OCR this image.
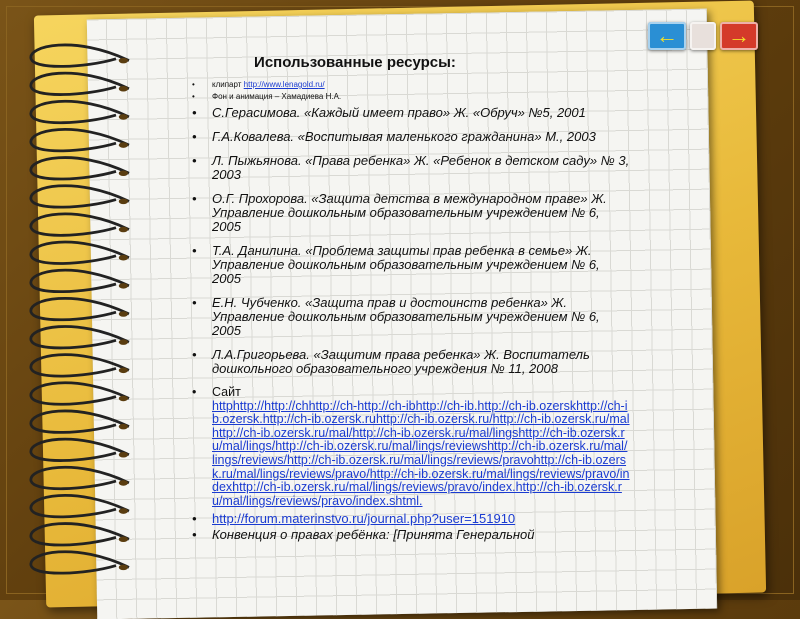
← →
Использованные ресурсы:
• клипарт http://www.lenagold.ru/
• Фон и анимация – Хамадиева Н.А.
• С.Герасимова. «Каждый имеет право» Ж. «Обруч» №5, 2001
• Г.А.Ковалева. «Воспитывая маленького гражданина» М., 2003
• Л. Пыжьянова. «Права ребенка» Ж. «Ребенок в детском саду» № 3, 2003
• О.Г. Прохорова. «Защита детства в международном праве» Ж. Управление дошкольным образовательным учреждением № 6, 2005
• Т.А. Данилина. «Проблема защиты прав ребенка в семье» Ж. Управление дошкольным образовательным учреждением № 6, 2005
• Е.Н. Чубченко. «Защита прав и достоинств ребенка» Ж. Управление дошкольным образовательным учреждением № 6, 2005
• Л.А.Григорьева. «Защитим права ребенка» Ж. Воспитатель дошкольного образовательного учреждения № 11, 2008
• Сайт
httphttp://http://chhttp://ch-http://ch-ibhttp://ch-ib.http://ch-ib.ozerskhttp://ch-ib.ozersk.http://ch-ib.ozersk.ruhttp://ch-ib.ozersk.ru/http://ch-ib.ozersk.ru/malhttp://ch-ib.ozersk.ru/mal/http://ch-ib.ozersk.ru/mal/lingshttp://ch-ib.ozersk.ru/mal/lings/http://ch-ib.ozersk.ru/mal/lings/reviewshttp://ch-ib.ozersk.ru/mal/lings/reviews/http://ch-ib.ozersk.ru/mal/lings/reviews/pravohttp://ch-ib.ozersk.ru/mal/lings/reviews/pravo/http://ch-ib.ozersk.ru/mal/lings/reviews/pravo/indexhttp://ch-ib.ozersk.ru/mal/lings/reviews/pravo/index.http://ch-ib.ozersk.ru/mal/lings/reviews/pravo/index.shtml.
• http://forum.materinstvo.ru/journal.php?user=151910
• Конвенция о правах ребёнка: [Принята Генеральной
